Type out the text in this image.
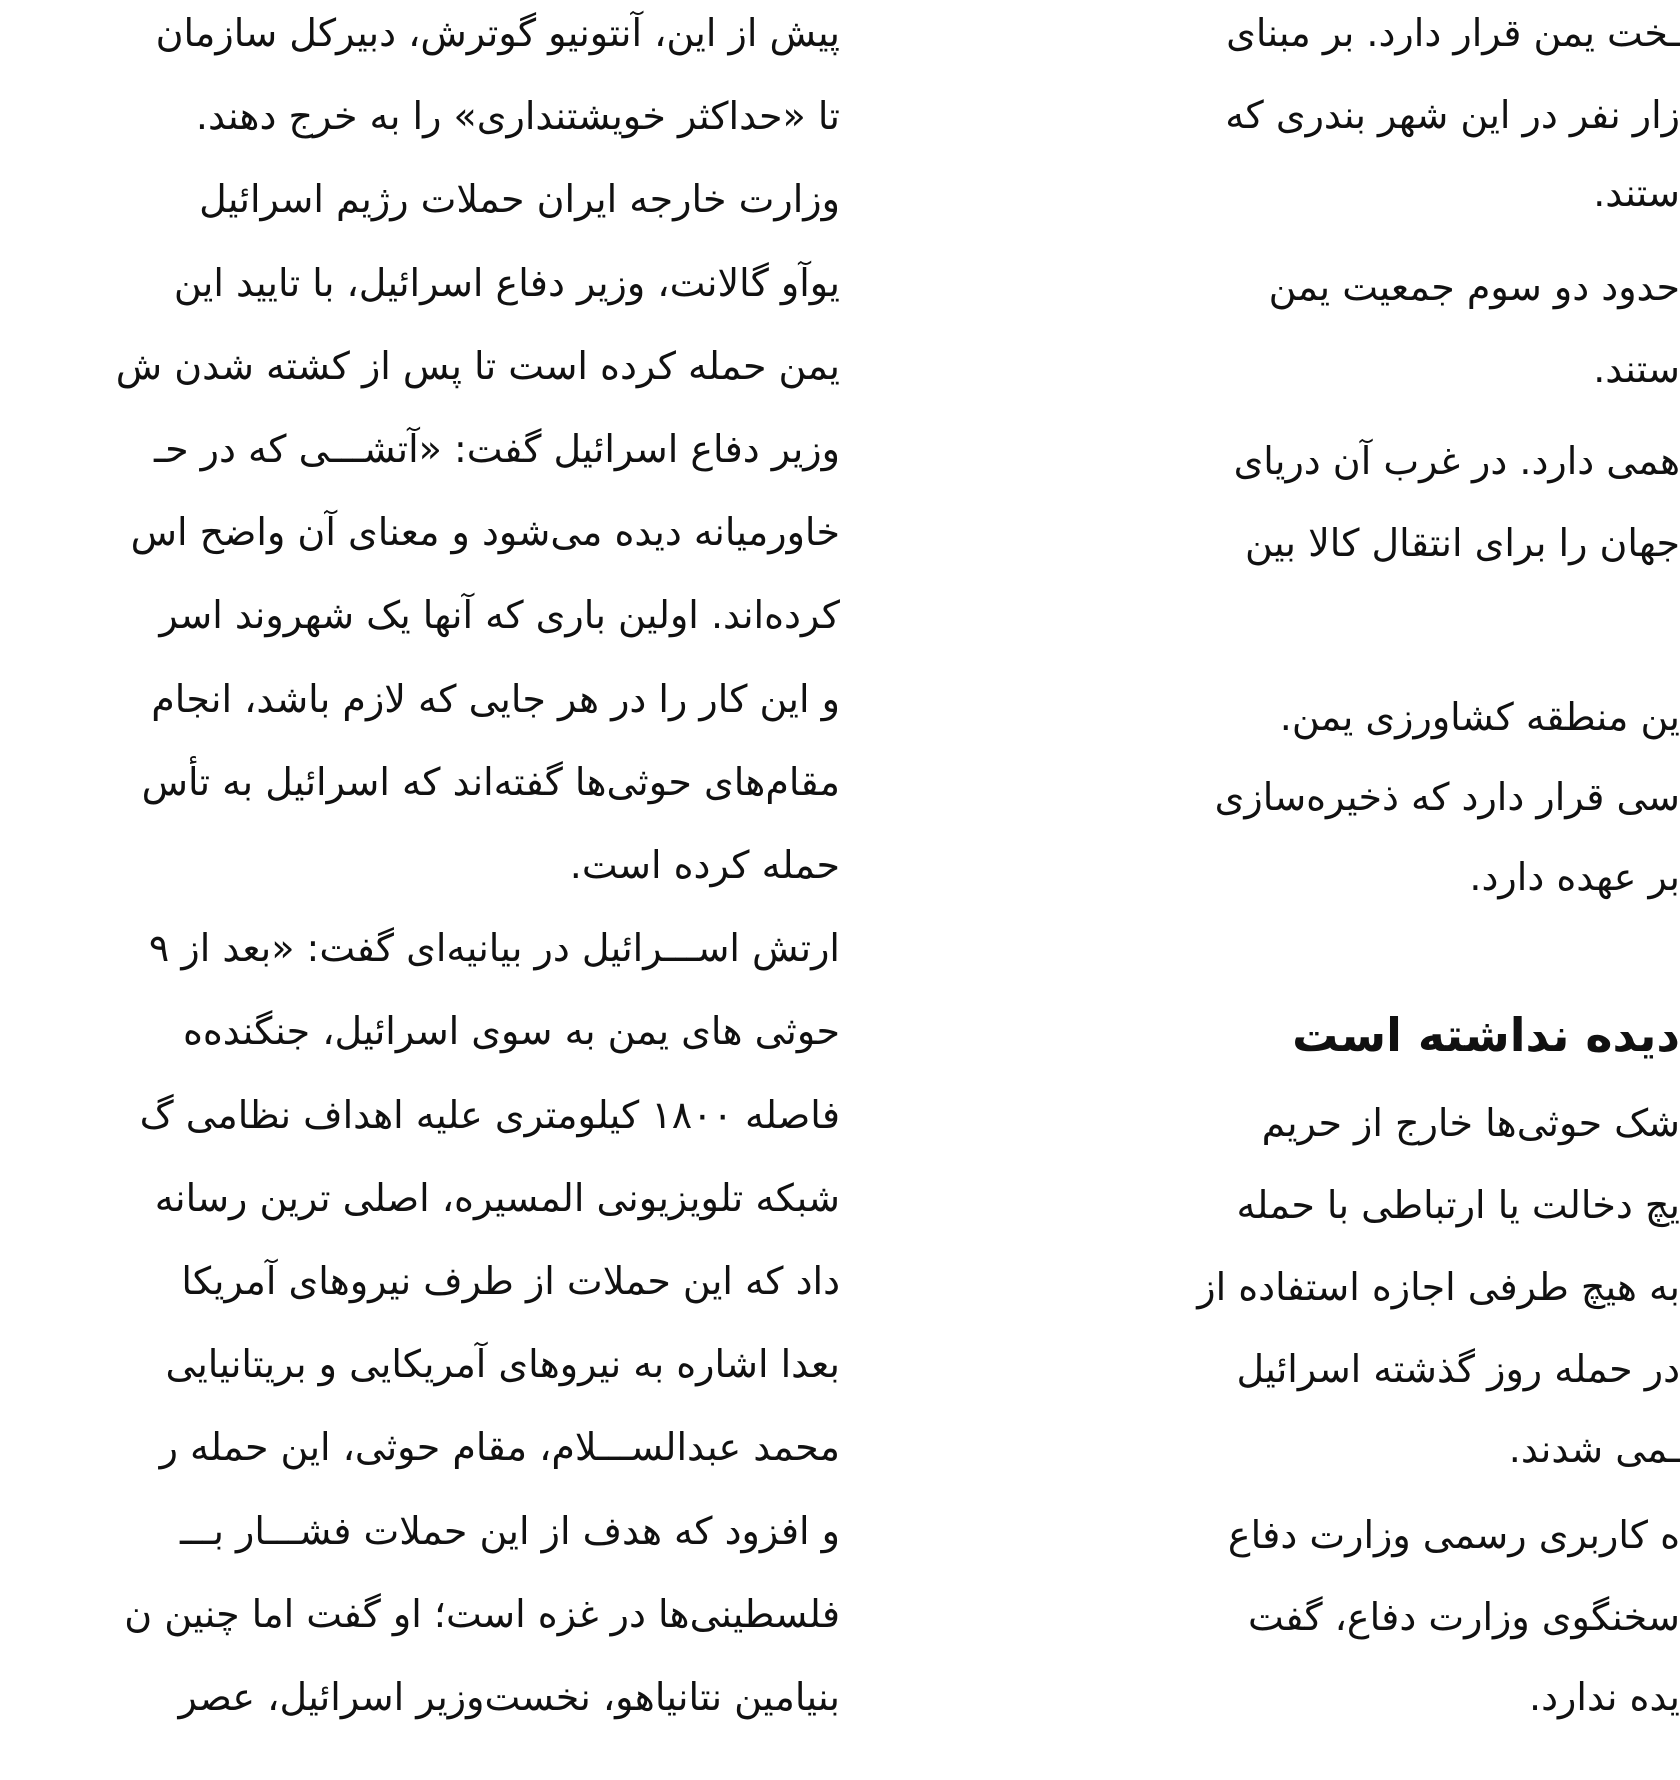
پیش از این، آنتونیو گوترش، دبیرکل سازمان
تا «حداکثر خویشتنداری» را به خرج دهند.
وزارت خارجه ایران حملات رژیم اسرائیل
یوآو گالانت، وزیر دفاع اسرائیل، با تایید این
یمن حمله کرده است تا پس از کشته شدن ش
وزیر دفاع اسرائیل گفت: «آتشـــی که در حـ
خاورمیانه دیده می‌شود و معنای آن واضح اس
کرده‌اند. اولین باری که آنها یک شهروند اسر
و این کار را در هر جایی که لازم باشد، انجام
مقام‌های حوثی‌ها گفته‌اند که اسرائیل به تأس
حمله کرده است.
ارتش اســـرائیل در بیانیه‌ای گفت: «بعد از ۹
حوثی های یمن به سوی اسرائیل، جنگنده‌ه
فاصله ۱۸۰۰ کیلومتری علیه اهداف نظامی گ
شبکه تلویزیونی المسیره، اصلی ترین رسانه
داد که این حملات از طرف نیروهای آمریکا
بعدا اشاره به نیروهای آمریکایی و بریتانیایی
محمد عبدالســـلام، مقام حوثی، این حمله ر
و افزود که هدف از این حملات فشـــار بـــ
فلسطینی‌ها در غزه است؛ او گفت اما چنین ن
بنیامین نتانیاهو، نخست‌وزیر اسرائیل، عصر
ـخت یمن قرار دارد. بر مبنای
زار نفر در این شهر بندری که
ستند.
حدود دو سوم جمعیت یمن
ستند.
همی دارد. در غرب آن دریای
جهان را برای انتقال کالا بین
ین منطقه کشاورزی یمن.
سی قرار دارد که ذخیره‌سازی
بر عهده دارد.
دیده نداشته است
شک حوثی‌ها خارج از حریم
یچ دخالت یا ارتباطی با حمله
به هیچ طرفی اجازه استفاده از
در حمله روز گذشته اسرائیل
ـمی شدند.
ه کاربری رسمی وزارت دفاع
سخنگوی وزارت دفاع، گفت
یده ندارد.
